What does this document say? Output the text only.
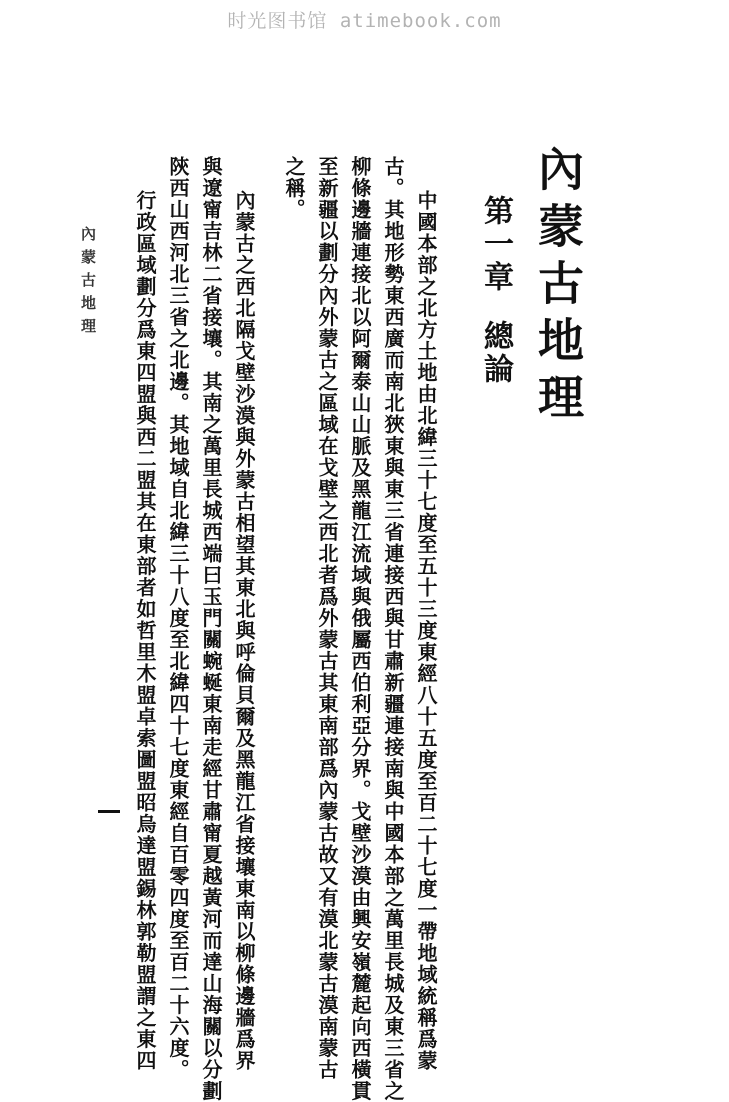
时光图书馆 atimebook.com
內蒙古地理
第一章總論
中國本部之北方土地由北緯三十七度至五十三度東經八十五度至百二十七度一帶地域統稱爲蒙
古。其地形勢東西廣而南北狹東與東三省連接西與甘肅新疆連接南與中國本部之萬里長城及東三省之
柳條邊牆連接北以阿爾泰山山脈及黑龍江流域與俄屬西伯利亞分界。戈壁沙漠由興安嶺麓起向西橫貫
至新疆以劃分內外蒙古之區域在戈壁之西北者爲外蒙古其東南部爲內蒙古故又有漠北蒙古漠南蒙古
之稱。
內蒙古之西北隔戈壁沙漠與外蒙古相望其東北與呼倫貝爾及黑龍江省接壤東南以柳條邊牆爲界
與遼甯吉林二省接壤。其南之萬里長城西端曰玉門關蜿蜒東南走經甘肅甯夏越黃河而達山海關以分劃
陝西山西河北三省之北邊。其地域自北緯三十八度至北緯四十七度東經自百零四度至百二十六度。
行政區域劃分爲東四盟與西二盟其在東部者如哲里木盟卓索圖盟昭烏達盟錫林郭勒盟謂之東四
內蒙古地理
